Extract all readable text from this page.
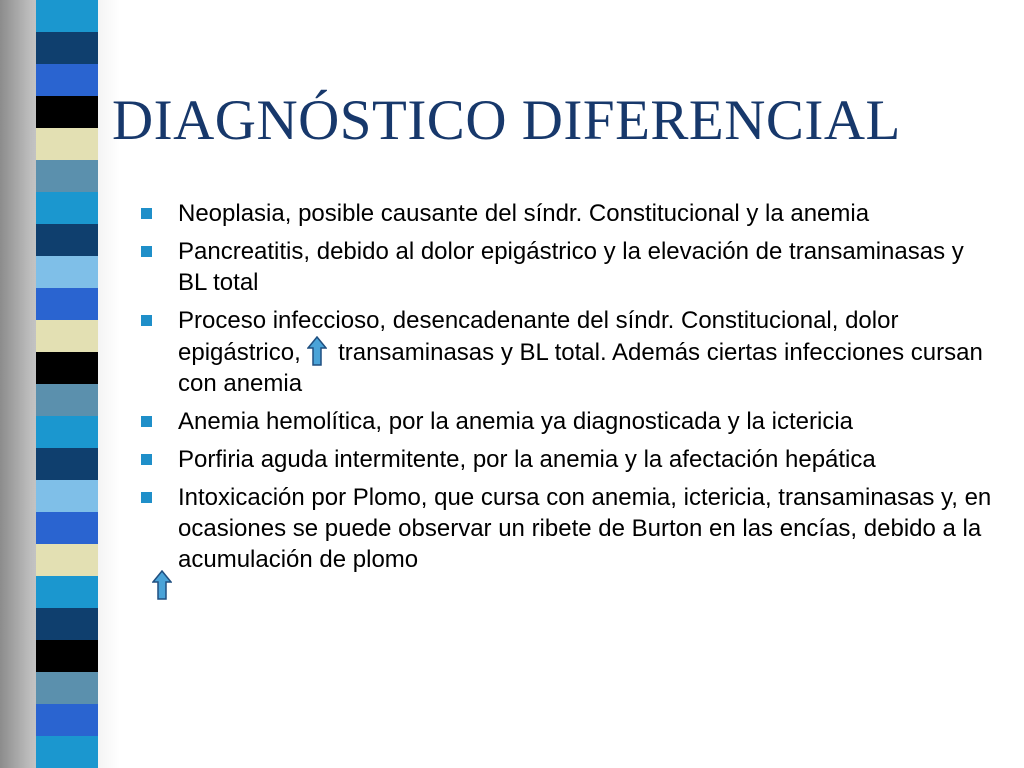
DIAGNÓSTICO DIFERENCIAL
Neoplasia, posible causante del síndr. Constitucional y la anemia
Pancreatitis, debido al dolor epigástrico y la elevación de transaminasas y BL total
Proceso infeccioso, desencadenante del síndr. Constitucional, dolor epigástrico, transaminasas y BL total. Además ciertas infecciones cursan con anemia
Anemia hemolítica, por la anemia ya diagnosticada y la ictericia
Porfiria aguda intermitente, por la anemia y la afectación hepática
Intoxicación por Plomo, que cursa con anemia, ictericia, transaminasas y, en ocasiones se puede observar un ribete de Burton en las encías, debido a la acumulación de plomo
